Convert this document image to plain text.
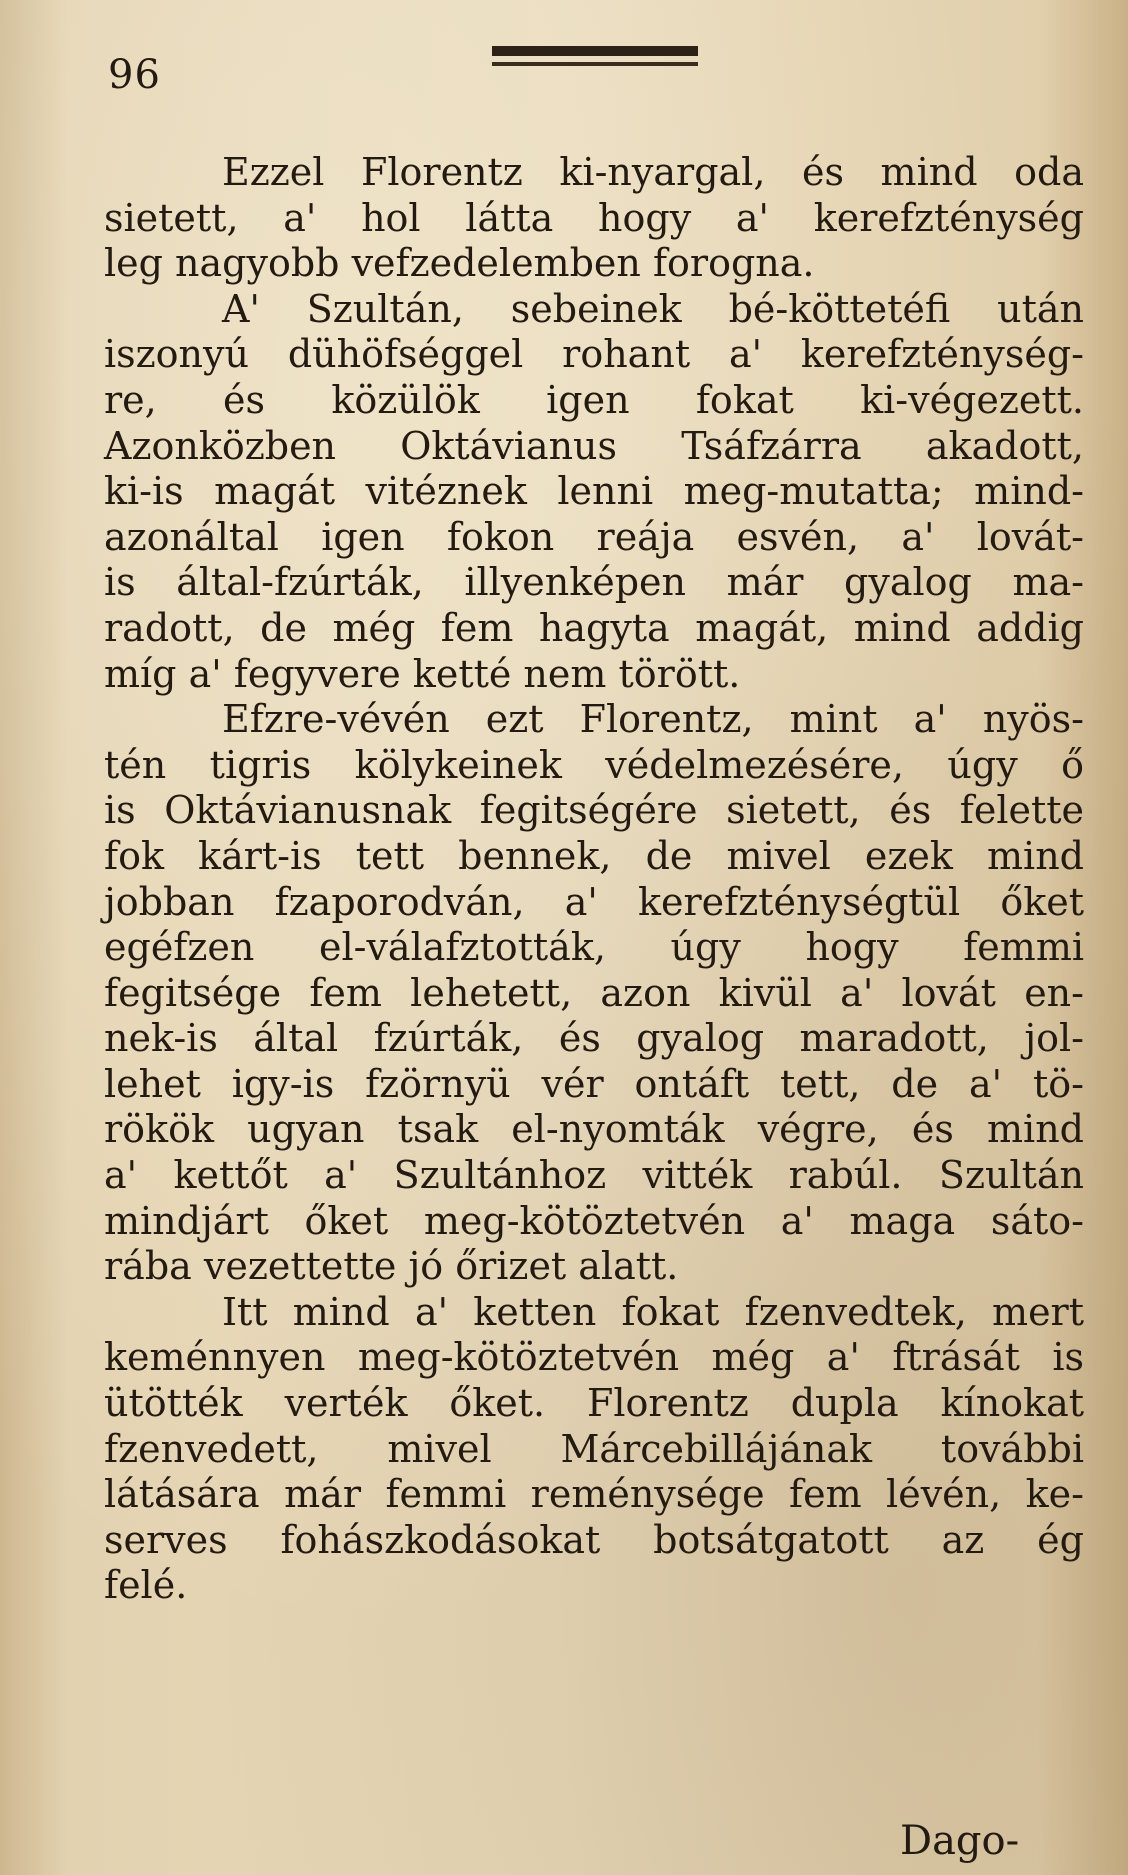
96
Ezzel Florentz ki-nyargal, és mind oda
sietett, a' hol látta hogy a' kerefzténység
leg nagyobb vefzedelemben forogna.
A' Szultán, sebeinek bé-köttetéfi után
iszonyú dühöfséggel rohant a' kerefzténység-
re, és közülök igen fokat ki-végezett.
Azonközben Oktávianus Tsáfzárra akadott,
ki-is magát vitéznek lenni meg-mutatta; mind-
azonáltal igen fokon reája esvén, a' lovát-
is által-fzúrták, illyenképen már gyalog ma-
radott, de még fem hagyta magát, mind addig
míg a' fegyvere ketté nem törött.
Efzre-vévén ezt Florentz, mint a' nyös-
tén tigris kölykeinek védelmezésére, úgy ő
is Oktávianusnak fegitségére sietett, és felette
fok kárt-is tett bennek, de mivel ezek mind
jobban fzaporodván, a' kerefzténységtül őket
egéfzen el-válafztották, úgy hogy femmi
fegitsége fem lehetett, azon kivül a' lovát en-
nek-is által fzúrták, és gyalog maradott, jol-
lehet igy-is fzörnyü vér ontáft tett, de a' tö-
rökök ugyan tsak el-nyomták végre, és mind
a' kettőt a' Szultánhoz vitték rabúl. Szultán
mindjárt őket meg-kötöztetvén a' maga sáto-
rába vezettette jó őrizet alatt.
Itt mind a' ketten fokat fzenvedtek, mert
keménnyen meg-kötöztetvén még a' ftrását is
ütötték verték őket. Florentz dupla kínokat
fzenvedett, mivel Márcebillájának további
látására már femmi reménysége fem lévén, ke-
serves fohászkodásokat botsátgatott az ég
felé.
Dago-
